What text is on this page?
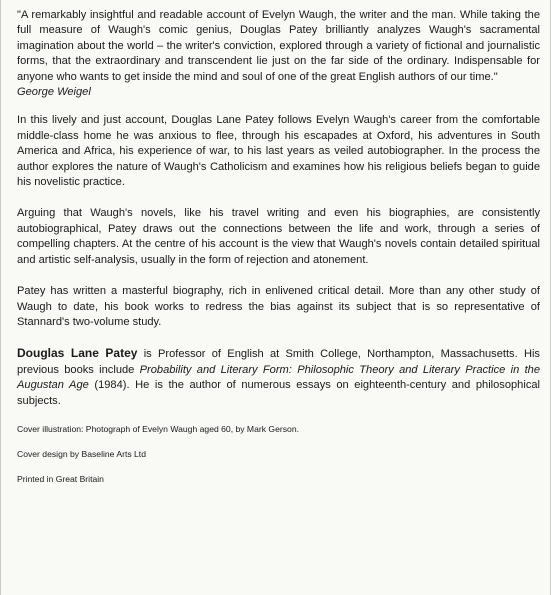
"A remarkably insightful and readable account of Evelyn Waugh, the writer and the man. While taking the full measure of Waugh's comic genius, Douglas Patey brilliantly analyzes Waugh's sacramental imagination about the world – the writer's conviction, explored through a variety of fictional and journalistic forms, that the extraordinary and transcendent lie just on the far side of the ordinary. Indispensable for anyone who wants to get inside the mind and soul of one of the great English authors of our time."
George Weigel

In this lively and just account, Douglas Lane Patey follows Evelyn Waugh's career from the comfortable middle-class home he was anxious to flee, through his escapades at Oxford, his adventures in South America and Africa, his experience of war, to his last years as veiled autobiographer. In the process the author explores the nature of Waugh's Catholicism and examines how his religious beliefs began to guide his novelistic practice.

Arguing that Waugh's novels, like his travel writing and even his biographies, are consistently autobiographical, Patey draws out the connections between the life and work, through a series of compelling chapters. At the centre of his account is the view that Waugh's novels contain detailed spiritual and artistic self-analysis, usually in the form of rejection and atonement.

Patey has written a masterful biography, rich in enlivened critical detail. More than any other study of Waugh to date, his book works to redress the bias against its subject that is so representative of Stannard's two-volume study.

Douglas Lane Patey is Professor of English at Smith College, Northampton, Massachusetts. His previous books include Probability and Literary Form: Philosophic Theory and Literary Practice in the Augustan Age (1984). He is the author of numerous essays on eighteenth-century and philosophical subjects.

Cover illustration: Photograph of Evelyn Waugh aged 60, by Mark Gerson.

Cover design by Baseline Arts Ltd

Printed in Great Britain
